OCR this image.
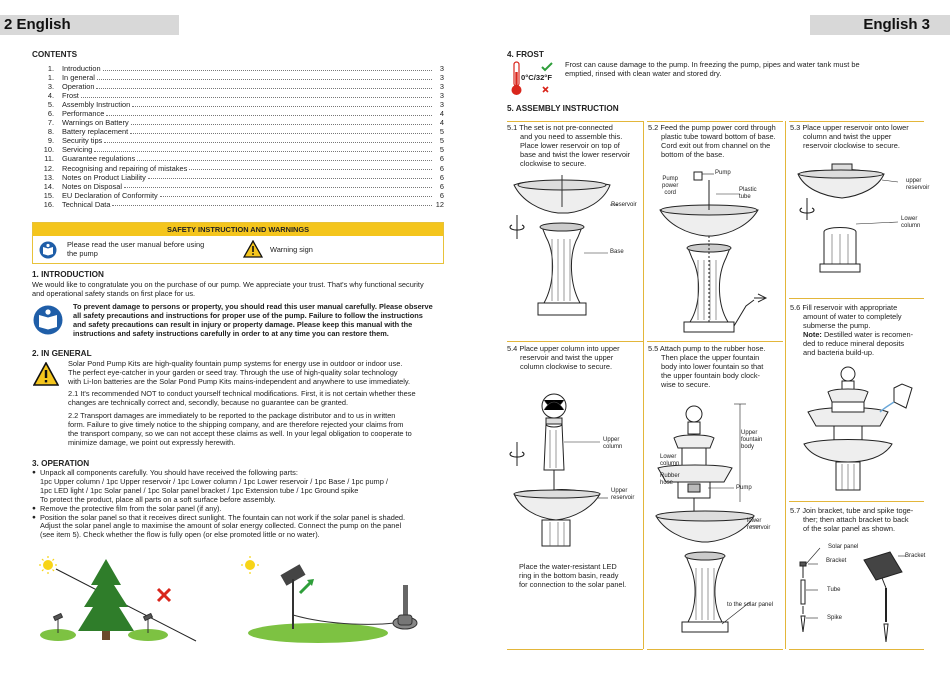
2 English	English 3
CONTENTS
1.	Introduction	3
1.	In general	3
3.	Operation	3
4.	Frost	3
5.	Assembly Instruction	3
6.	Performance	4
7.	Warnings on Battery	4
8.	Battery replacement	5
9.	Security tips	5
10.	Servicing	5
11.	Guarantee regulations	6
12.	Recognising and repairing of mistakes	6
13.	Notes on Product Liability	6
14.	Notes on Disposal	6
15.	EU Declaration of Conformity	6
16.	Technical Data	12
SAFETY INSTRUCTION AND WARNINGS
Please read the user manual before using
the pump	Warning sign
1. INTRODUCTION
We would like to congratulate you on the purchase of our pump. We appreciate your trust. That's why functional security
and operational safety stands on first place for us.
To prevent damage to persons or property, you should read this user manual carefully. Please observe
all safety precautions and instructions for proper use of the pump. Failure to follow the instructions
and safety precautions can result in injury or property damage. Please keep this manual with the
instructions and safety instructions carefully in order to at any time you can restore them.
2. IN GENERAL
Solar Pond Pump Kits are high-quality fountain pump systems for energy use in outdoor or indoor use.
The perfect eye-catcher in your garden or seed tray. Through the use of high-quality solar technology
with Li-Ion batteries are the Solar Pond Pump Kits mains-independent and anywhere to use immediately.
2.1 It's recommended NOT to conduct yourself technical modifications. First, it is not certain whether these
changes are technically correct and, secondly, because no guarantee can be granted.
2.2 Transport damages are immediately to be reported to the package distributor and to us in written
form. Failure to give timely notice to the shipping company, and are therefore rejected your claims from
the transport company, so we can not accept these claims as well. In your legal obligation to cooperate to
minimize damage, we point out expressly herewith.
3. OPERATION
● Unpack all components carefully. You should have received the following parts:
1pc Upper column / 1pc Upper reservoir / 1pc Lower column / 1pc Lower reservoir / 1pc Base / 1pc pump /
1pc LED light / 1pc Solar panel / 1pc Solar panel bracket / 1pc Extension tube / 1pc Ground spike
To protect the product, place all parts on a soft surface before assembly.
● Remove the protective film from the solar panel (if any).
● Position the solar panel so that it receives direct sunlight. The fountain can not work if the solar panel is shaded.
Adjust the solar panel angle to maximise the amount of solar energy collected. Connect the pump on the panel
(see item 5). Check whether the flow is fully open (or else promoted little or no water).
4. FROST
0°C/32°F
Frost can cause damage to the pump. In freezing the pump, pipes and water tank must be
emptied, rinsed with clean water and stored dry.
5. ASSEMBLY INSTRUCTION
5.1 The set is not pre-connected
and you need to assemble this.
Place lower reservoir on top of
base and twist the lower reservoir
clockwise to secure.
Reservoir
Base
5.2 Feed the pump power cord through
plastic tube toward bottom of base.
Cord exit out from channel on the
bottom of the base.
Pump
Pump
power
cord	Plastic
tube
5.3 Place upper reservoir onto lower
column and twist the upper
reservoir clockwise to secure.
upper
reservoir
Lower
column
5.4 Place upper column into upper
reservoir and twist the upper
column clockwise to secure.
Upper
column
Upper
reservoir
Place the water-resistant LED
ring in the bottom basin, ready
for connection to the solar panel.
5.5 Attach pump to the rubber hose.
Then place the upper fountain
body into lower fountain so that
the upper fountain body clock-
wise to secure.
Upper
fountain
body
Lower
column
Rubber
hose
Pump
lower
reservoir
to the solar panel
5.6 Fill reservoir with appropriate
amount of water to completely
submerse the pump.
Note: Destilled water is recomen-
ded to reduce mineral deposits
and bacteria build-up.
5.7 Join bracket, tube and spike toge-
ther; then attach bracket to back
of the solar panel as shown.
Solar panel
Bracket
Bracket
Tube
Spike
